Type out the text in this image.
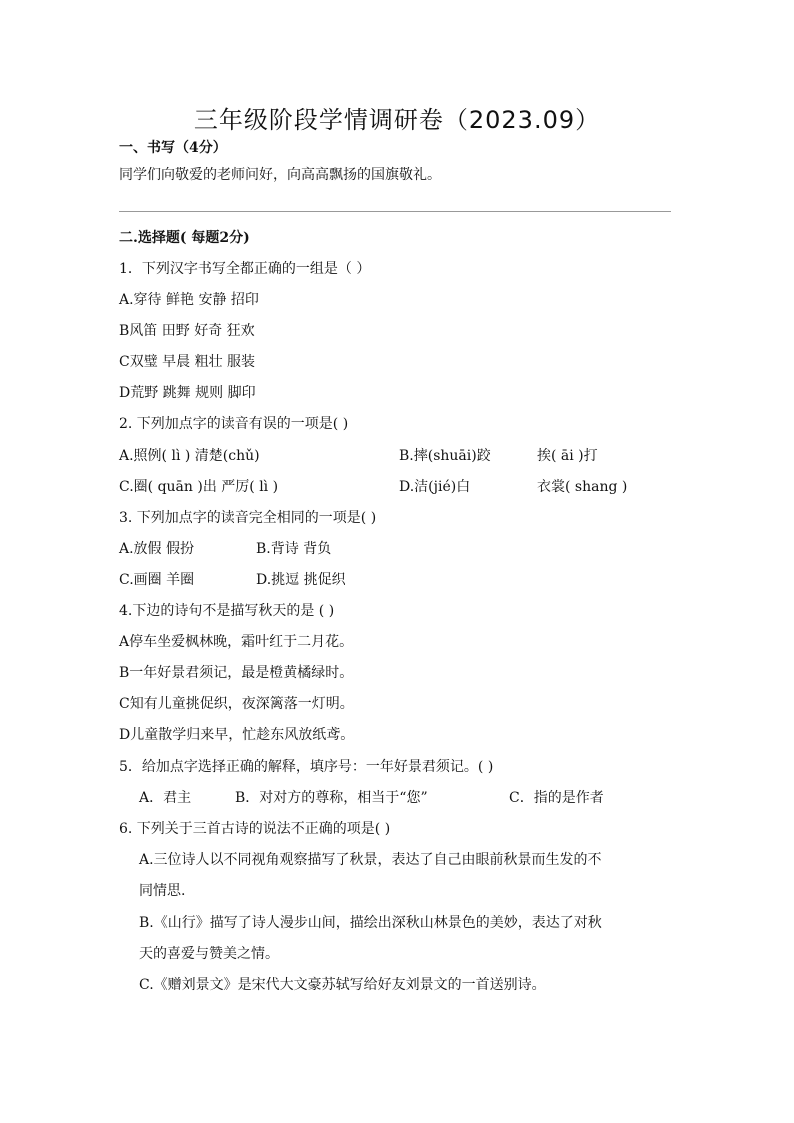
三年级阶段学情调研卷（2023.09）
一、书写（4分）
同学们向敬爱的老师问好，向高高飘扬的国旗敬礼。
二.选择题( 每题2分)
1．下列汉字书写全都正确的一组是（ ）
A.穿待 鲜艳 安静 招印
B风笛 田野 好奇 狂欢
C双璧 早晨 粗壮 服装
D荒野 跳舞 规则 脚印
2. 下列加点字的读音有误的一项是( )
A.照例( lì ) 清楚(chǔ)	B.摔(shuāi)跤	挨( āi )打
C.圈( quān )出 严厉( lì )	D.洁(jié)白	衣裳( shang )
3. 下列加点字的读音完全相同的一项是( )
A.放假 假扮	B.背诗 背负
C.画圈 羊圈	D.挑逗 挑促织
4.下边的诗句不是描写秋天的是 ( )
A停车坐爱枫林晚，霜叶红于二月花。
B一年好景君须记，最是橙黄橘绿时。
C知有儿童挑促织，夜深篱落一灯明。
D儿童散学归来早，忙趁东风放纸鸢。
5．给加点字选择正确的解释，填序号：一年好景君须记。( )
A．君主	B．对对方的尊称，相当于“您”	C．指的是作者
6. 下列关于三首古诗的说法不正确的项是( )
A.三位诗人以不同视角观察描写了秋景，表达了自己由眼前秋景而生发的不
同情思.
B.《山行》描写了诗人漫步山间，描绘出深秋山林景色的美妙，表达了对秋
天的喜爱与赞美之情。
C.《赠刘景文》是宋代大文豪苏轼写给好友刘景文的一首送别诗。
